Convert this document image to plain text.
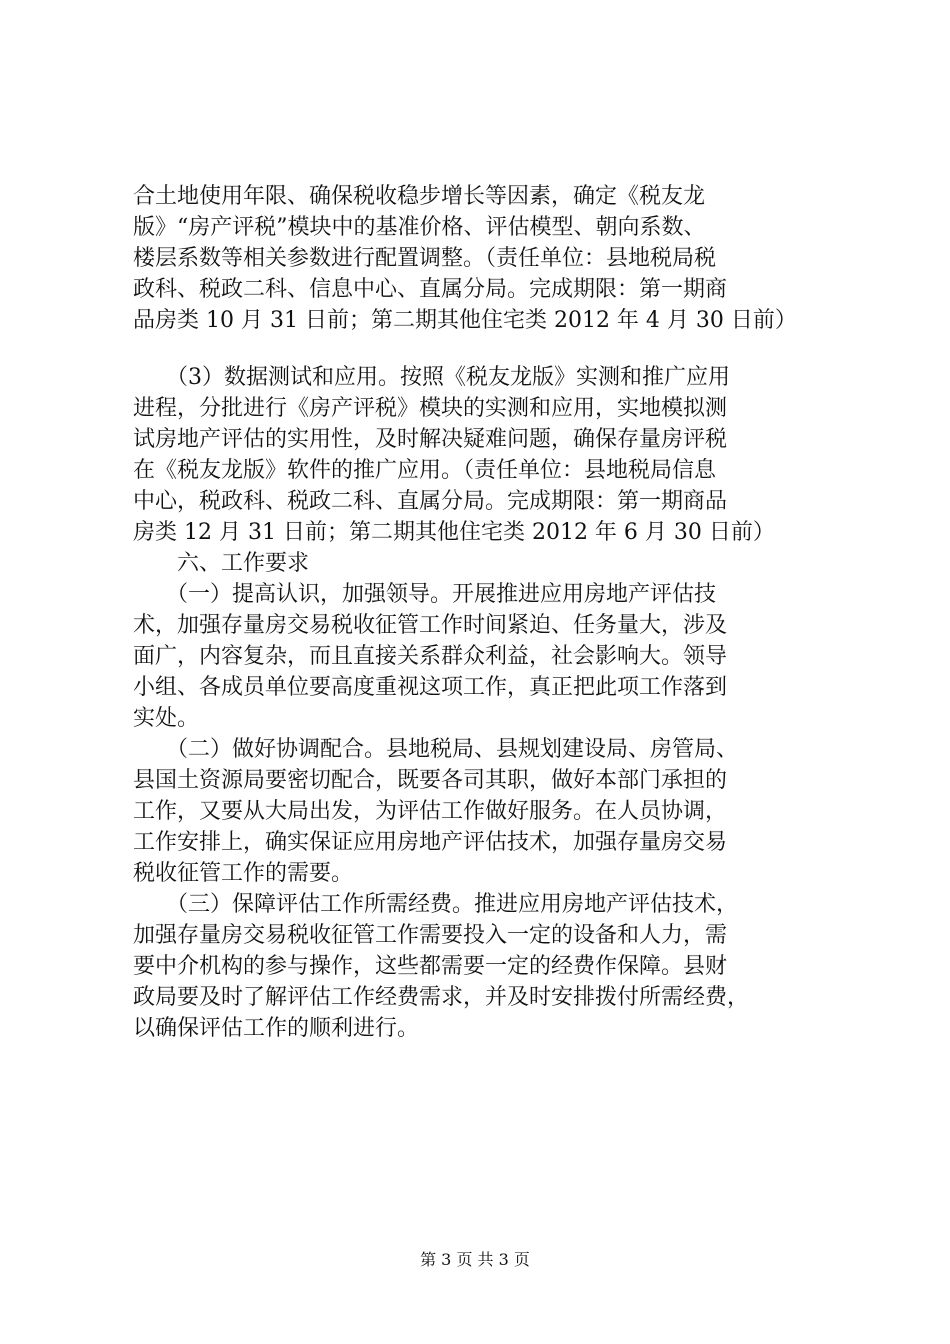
合土地使用年限、确保税收稳步增长等因素，确定《税友龙
版》“房产评税”模块中的基准价格、评估模型、朝向系数、
楼层系数等相关参数进行配置调整。（责任单位：县地税局税
政科、税政二科、信息中心、直属分局。完成期限：第一期商
品房类 10 月 31 日前；第二期其他住宅类 2012 年 4 月 30 日前）
　　（3）数据测试和应用。按照《税友龙版》实测和推广应用
进程，分批进行《房产评税》模块的实测和应用，实地模拟测
试房地产评估的实用性，及时解决疑难问题，确保存量房评税
在《税友龙版》软件的推广应用。（责任单位：县地税局信息
中心，税政科、税政二科、直属分局。完成期限：第一期商品
房类 12 月 31 日前；第二期其他住宅类 2012 年 6 月 30 日前）
　　六、工作要求
　　（一）提高认识，加强领导。开展推进应用房地产评估技
术，加强存量房交易税收征管工作时间紧迫、任务量大，涉及
面广，内容复杂，而且直接关系群众利益，社会影响大。领导
小组、各成员单位要高度重视这项工作，真正把此项工作落到
实处。
　　（二）做好协调配合。县地税局、县规划建设局、房管局、
县国土资源局要密切配合，既要各司其职，做好本部门承担的
工作，又要从大局出发，为评估工作做好服务。在人员协调，
工作安排上，确实保证应用房地产评估技术，加强存量房交易
税收征管工作的需要。
　　（三）保障评估工作所需经费。推进应用房地产评估技术，
加强存量房交易税收征管工作需要投入一定的设备和人力，需
要中介机构的参与操作，这些都需要一定的经费作保障。县财
政局要及时了解评估工作经费需求，并及时安排拨付所需经费，
以确保评估工作的顺利进行。
第 3 页 共 3 页
